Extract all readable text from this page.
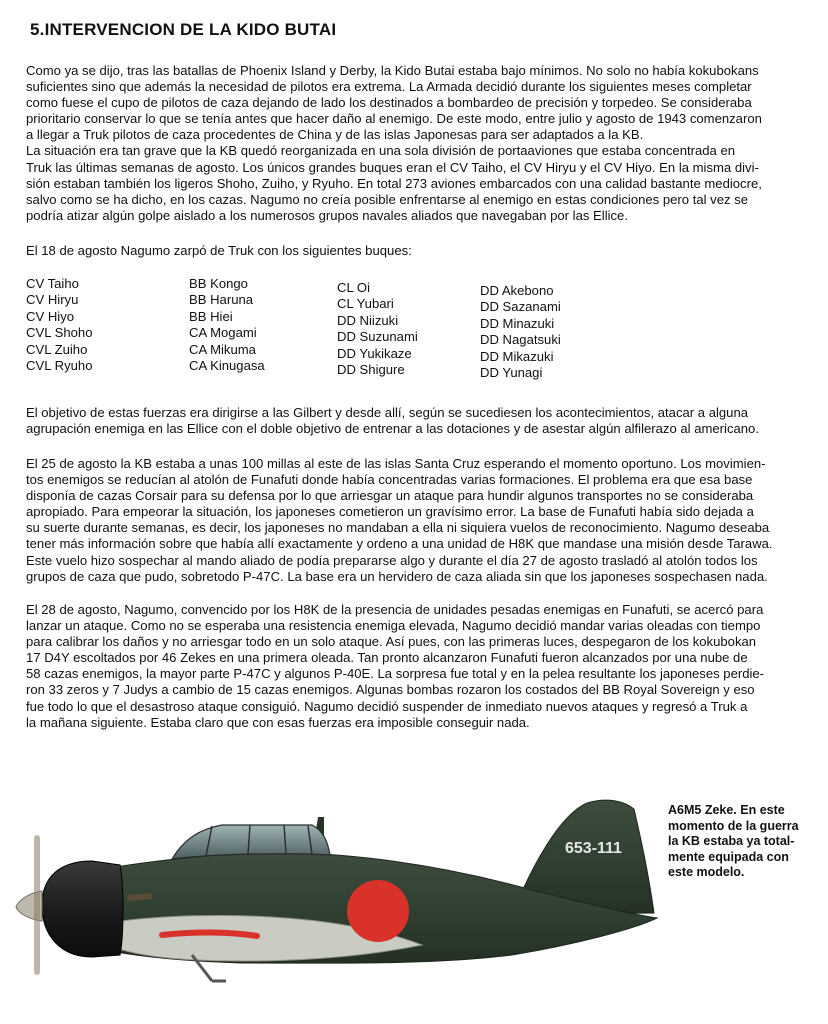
5.INTERVENCION DE LA KIDO BUTAI
Como ya se dijo, tras las batallas de Phoenix Island y Derby, la Kido Butai estaba bajo mínimos. No solo no había kokubokans
suficientes sino que además la necesidad de pilotos era extrema. La Armada decidió durante los siguientes meses completar
como fuese el cupo de pilotos de caza dejando de lado los destinados a bombardeo de precisión y torpedeo. Se consideraba
prioritario conservar lo que se tenía antes que hacer daño al enemigo. De este modo, entre julio y agosto de 1943 comenzaron
a llegar a Truk pilotos de caza procedentes de China y de las islas Japonesas para ser adaptados a la KB.
La situación era tan grave que la KB quedó reorganizada en una sola división de portaaviones que estaba concentrada en
Truk las últimas semanas de agosto. Los únicos grandes buques eran el CV Taiho, el CV Hiryu y el CV Hiyo. En la misma divi-
sión estaban también los ligeros Shoho, Zuiho, y Ryuho. En total 273 aviones embarcados con una calidad bastante mediocre,
salvo como se ha dicho, en los cazas. Nagumo no creía posible enfrentarse al enemigo en estas condiciones pero tal vez se
podría atizar algún golpe aislado a los numerosos grupos navales aliados que navegaban por las Ellice.
El 18 de agosto Nagumo zarpó de Truk con los siguientes buques:
CV Taiho
CV Hiryu
CV Hiyo
CVL Shoho
CVL Zuiho
CVL Ryuho
BB Kongo
BB Haruna
BB Hiei
CA Mogami
CA Mikuma
CA Kinugasa
CL Oi
CL Yubari
DD Niizuki
DD Suzunami
DD Yukikaze
DD Shigure
DD Akebono
DD Sazanami
DD Minazuki
DD Nagatsuki
DD Mikazuki
DD Yunagi
El objetivo de estas fuerzas era dirigirse a las Gilbert y desde allí, según se sucediesen los acontecimientos, atacar a alguna
agrupación enemiga en las Ellice con el doble objetivo de entrenar a las dotaciones y de asestar algún alfilerazo al americano.
El 25 de agosto la KB estaba a unas 100 millas al este de las islas Santa Cruz esperando el momento oportuno. Los movimien-
tos enemigos se reducían al atolón de Funafuti donde había concentradas varias formaciones. El problema era que esa base
disponía de cazas Corsair para su defensa por lo que arriesgar un ataque para hundir algunos transportes no se consideraba
apropiado. Para empeorar la situación, los japoneses cometieron un gravísimo error. La base de Funafuti había sido dejada a
su suerte durante semanas, es decir, los japoneses no mandaban a ella ni siquiera vuelos de reconocimiento. Nagumo deseaba
tener más información sobre que había allí exactamente y ordeno a una unidad de H8K que mandase una misión desde Tarawa.
Este vuelo hizo sospechar al mando aliado de podía prepararse algo y durante el día 27 de agosto trasladó al atolón todos los
grupos de caza que pudo, sobretodo P-47C. La base era un hervidero de caza aliada sin que los japoneses sospechasen nada.
El 28 de agosto, Nagumo, convencido por los H8K de la presencia de unidades pesadas enemigas en Funafuti, se acercó para
lanzar un ataque. Como no se esperaba una resistencia enemiga elevada, Nagumo decidió mandar varias oleadas con tiempo
para calibrar los daños y no arriesgar todo en un solo ataque. Así pues, con las primeras luces, despegaron de los kokubokan
17 D4Y escoltados por 46 Zekes en una primera oleada. Tan pronto alcanzaron Funafuti fueron alcanzados por una nube de
58 cazas enemigos, la mayor parte P-47C y algunos P-40E. La sorpresa fue total y en la pelea resultante los japoneses perdie-
ron 33 zeros y 7 Judys a cambio de 15 cazas enemigos. Algunas bombas rozaron los costados del BB Royal Sovereign y eso
fue todo lo que el desastroso ataque consiguió. Nagumo decidió suspender de inmediato nuevos ataques y regresó a Truk a
la mañana siguiente. Estaba claro que con esas fuerzas era imposible conseguir nada.
653-111
A6M5 Zeke. En este
momento de la guerra
la KB estaba ya total-
mente equipada con
este modelo.
